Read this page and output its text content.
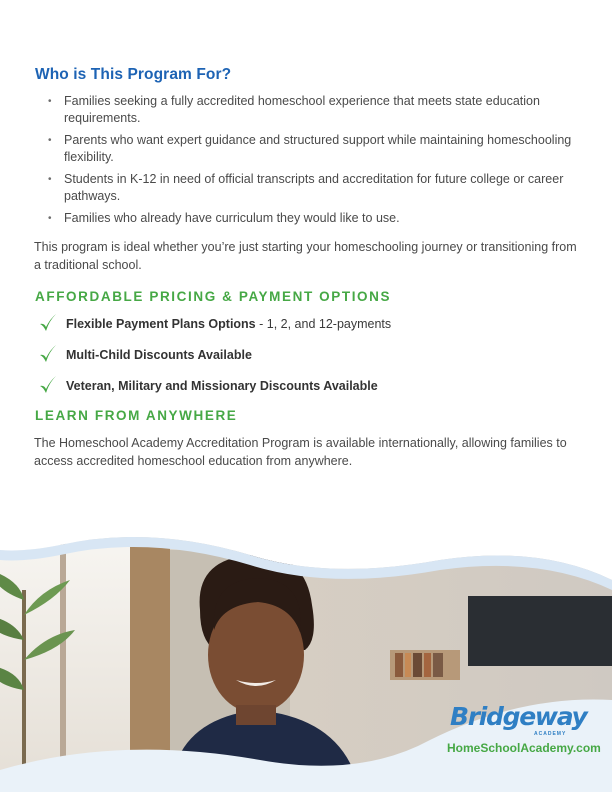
Who is This Program For?
• Families seeking a fully accredited homeschool experience that meets state education requirements.
• Parents who want expert guidance and structured support while maintaining homeschooling flexibility.
• Students in K-12 in need of official transcripts and accreditation for future college or career pathways.
• Families who already have curriculum they would like to use.
This program is ideal whether you’re just starting your homeschooling journey or transitioning from a traditional school.
AFFORDABLE PRICING & PAYMENT OPTIONS
Flexible Payment Plans Options - 1, 2, and 12-payments
Multi-Child Discounts Available
Veteran, Military and Missionary Discounts Available
LEARN FROM ANYWHERE
The Homeschool Academy Accreditation Program is available internationally, allowing families to access accredited homeschool education from anywhere.
Bridgeway
ACADEMY
HomeSchoolAcademy.com
